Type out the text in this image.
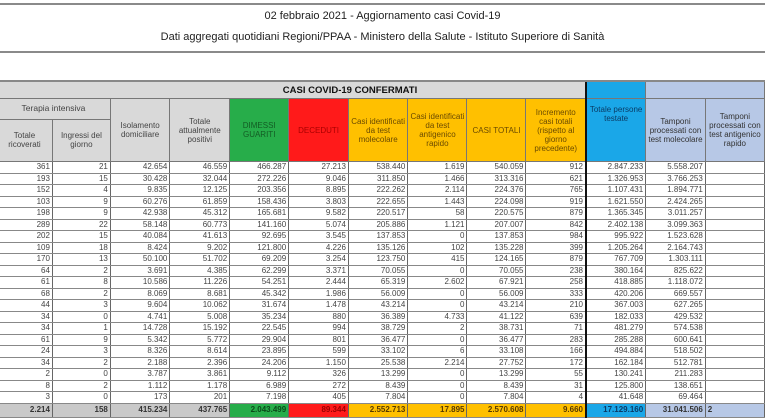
02 febbraio 2021 - Aggiornamento casi Covid-19
Dati aggregati quotidiani Regioni/PPAA - Ministero della Salute - Istituto Superiore di Sanità
CASI COVID-19 CONFERMATI												
Terapia intensiva		Isolamento domiciliare	Totale attualmente positivi	DIMESSI GUARITI	DECEDUTI	Casi identificati da test molecolare	Casi identificati da test antigenico rapido	CASI TOTALI	Incremento casi totali (rispetto al giorno precedente)	Totale persone testate	Tamponi processati con test molecolare	Tamponi processati con test antigenico rapido
Totale ricoverati	Ingressi del giorno											
361	21	42.654	46.559	466.287	27.213	538.440	1.619	540.059	912	2.847.233	5.558.207	
193	15	30.428	32.044	272.226	9.046	311.850	1.466	313.316	621	1.326.953	3.766.253	
152	4	9.835	12.125	203.356	8.895	222.262	2.114	224.376	765	1.107.431	1.894.771	
103	9	60.276	61.859	158.436	3.803	222.655	1.443	224.098	919	1.621.550	2.424.265	
198	9	42.938	45.312	165.681	9.582	220.517	58	220.575	879	1.365.345	3.011.257	
289	22	58.148	60.773	141.160	5.074	205.886	1.121	207.007	842	2.402.138	3.099.363	
202	15	40.084	41.613	92.695	3.545	137.853	0	137.853	984	995.922	1.523.628	
109	18	8.424	9.202	121.800	4.226	135.126	102	135.228	399	1.205.264	2.164.743	
170	13	50.100	51.702	69.209	3.254	123.750	415	124.165	879	767.709	1.303.111	
64	2	3.691	4.385	62.299	3.371	70.055	0	70.055	238	380.164	825.622	
61	8	10.586	11.226	54.251	2.444	65.319	2.602	67.921	258	418.885	1.118.072	
68	2	8.069	8.681	45.342	1.986	56.009	0	56.009	333	420.206	669.557	
44	3	9.604	10.062	31.674	1.478	43.214	0	43.214	210	367.003	627.265	
34	0	4.741	5.008	35.234	880	36.389	4.733	41.122	639	182.033	429.532	
34	1	14.728	15.192	22.545	994	38.729	2	38.731	71	481.279	574.538	
61	9	5.342	5.772	29.904	801	36.477	0	36.477	283	285.288	600.641	
24	3	8.326	8.614	23.895	599	33.102	6	33.108	166	494.884	518.502	
34	2	2.188	2.396	24.206	1.150	25.538	2.214	27.752	172	162.184	512.781	
2	0	3.787	3.861	9.112	326	13.299	0	13.299	55	130.241	211.283	
8	2	1.112	1.178	6.989	272	8.439	0	8.439	31	125.800	138.651	
3	0	173	201	7.198	405	7.804	0	7.804	4	41.648	69.464	
2.214	158	415.234	437.765	2.043.499	89.344	2.552.713	17.895	2.570.608	9.660	17.129.160	31.041.506	2
